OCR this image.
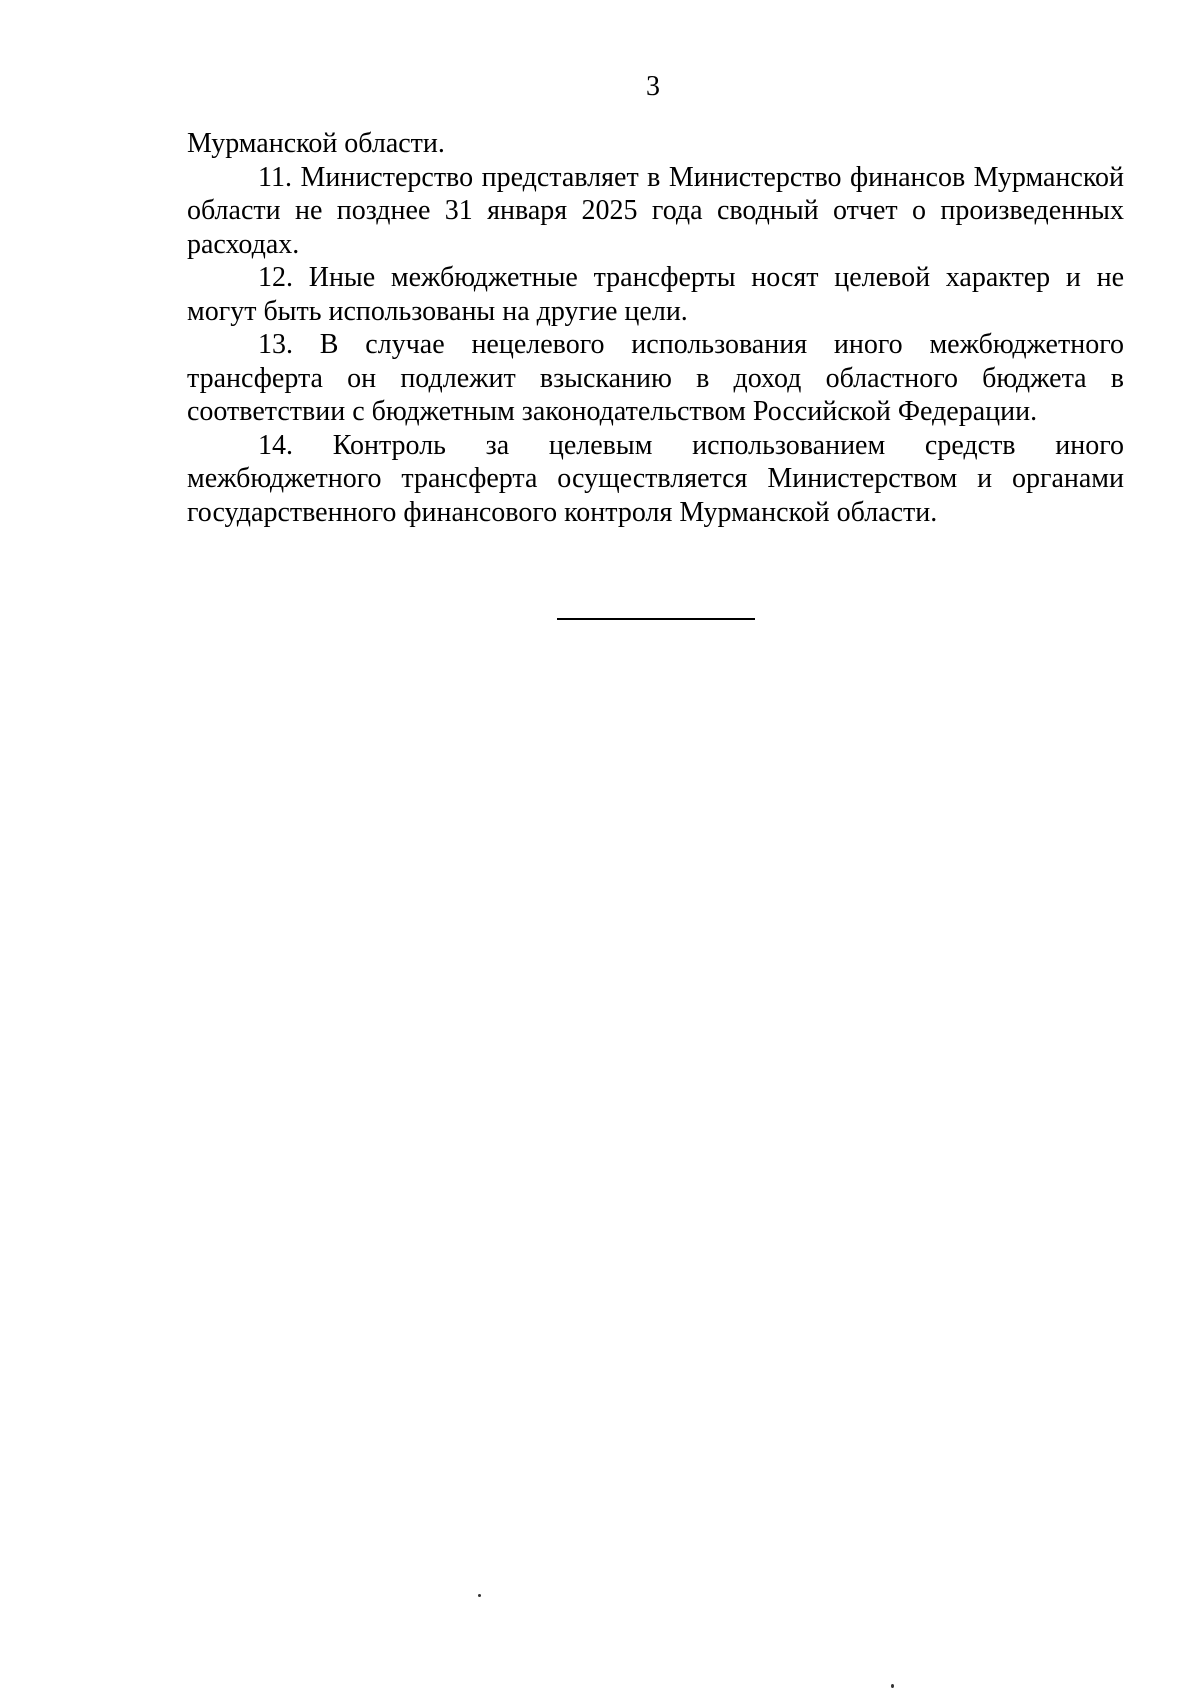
3

Мурманской области.

11. Министерство представляет в Министерство финансов Мурманской области не позднее 31 января 2025 года сводный отчет о произведенных расходах.

12. Иные межбюджетные трансферты носят целевой характер и не могут быть использованы на другие цели.

13. В случае нецелевого использования иного межбюджетного трансферта он подлежит взысканию в доход областного бюджета в соответствии с бюджетным законодательством Российской Федерации.

14. Контроль за целевым использованием средств иного межбюджетного трансферта осуществляется Министерством и органами государственного финансового контроля Мурманской области.
